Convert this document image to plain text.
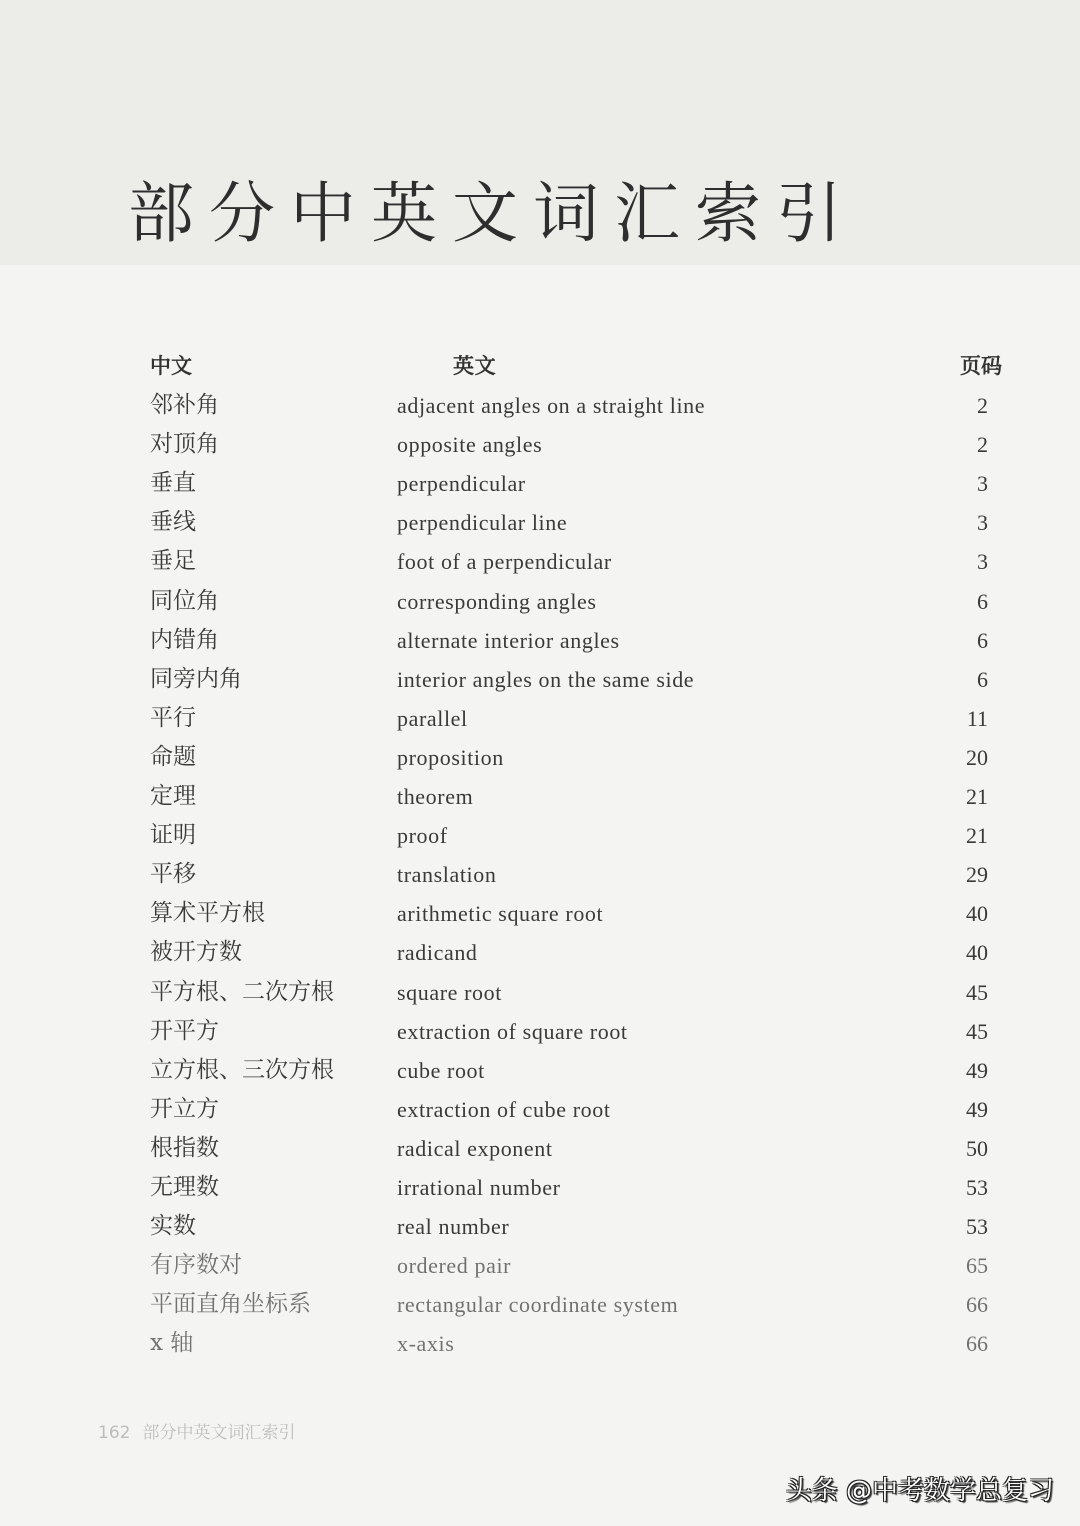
部分中英文词汇索引
中文	英文	页码
邻补角	adjacent angles on a straight line	2
对顶角	opposite angles	2
垂直	perpendicular	3
垂线	perpendicular line	3
垂足	foot of a perpendicular	3
同位角	corresponding angles	6
内错角	alternate interior angles	6
同旁内角	interior angles on the same side	6
平行	parallel	11
命题	proposition	20
定理	theorem	21
证明	proof	21
平移	translation	29
算术平方根	arithmetic square root	40
被开方数	radicand	40
平方根、二次方根	square root	45
开平方	extraction of square root	45
立方根、三次方根	cube root	49
开立方	extraction of cube root	49
根指数	radical exponent	50
无理数	irrational number	53
实数	real number	53
有序数对	ordered pair	65
平面直角坐标系	rectangular coordinate system	66
x 轴	x-axis	66
162 部分中英文词汇索引
头条 @中考数学总复习
